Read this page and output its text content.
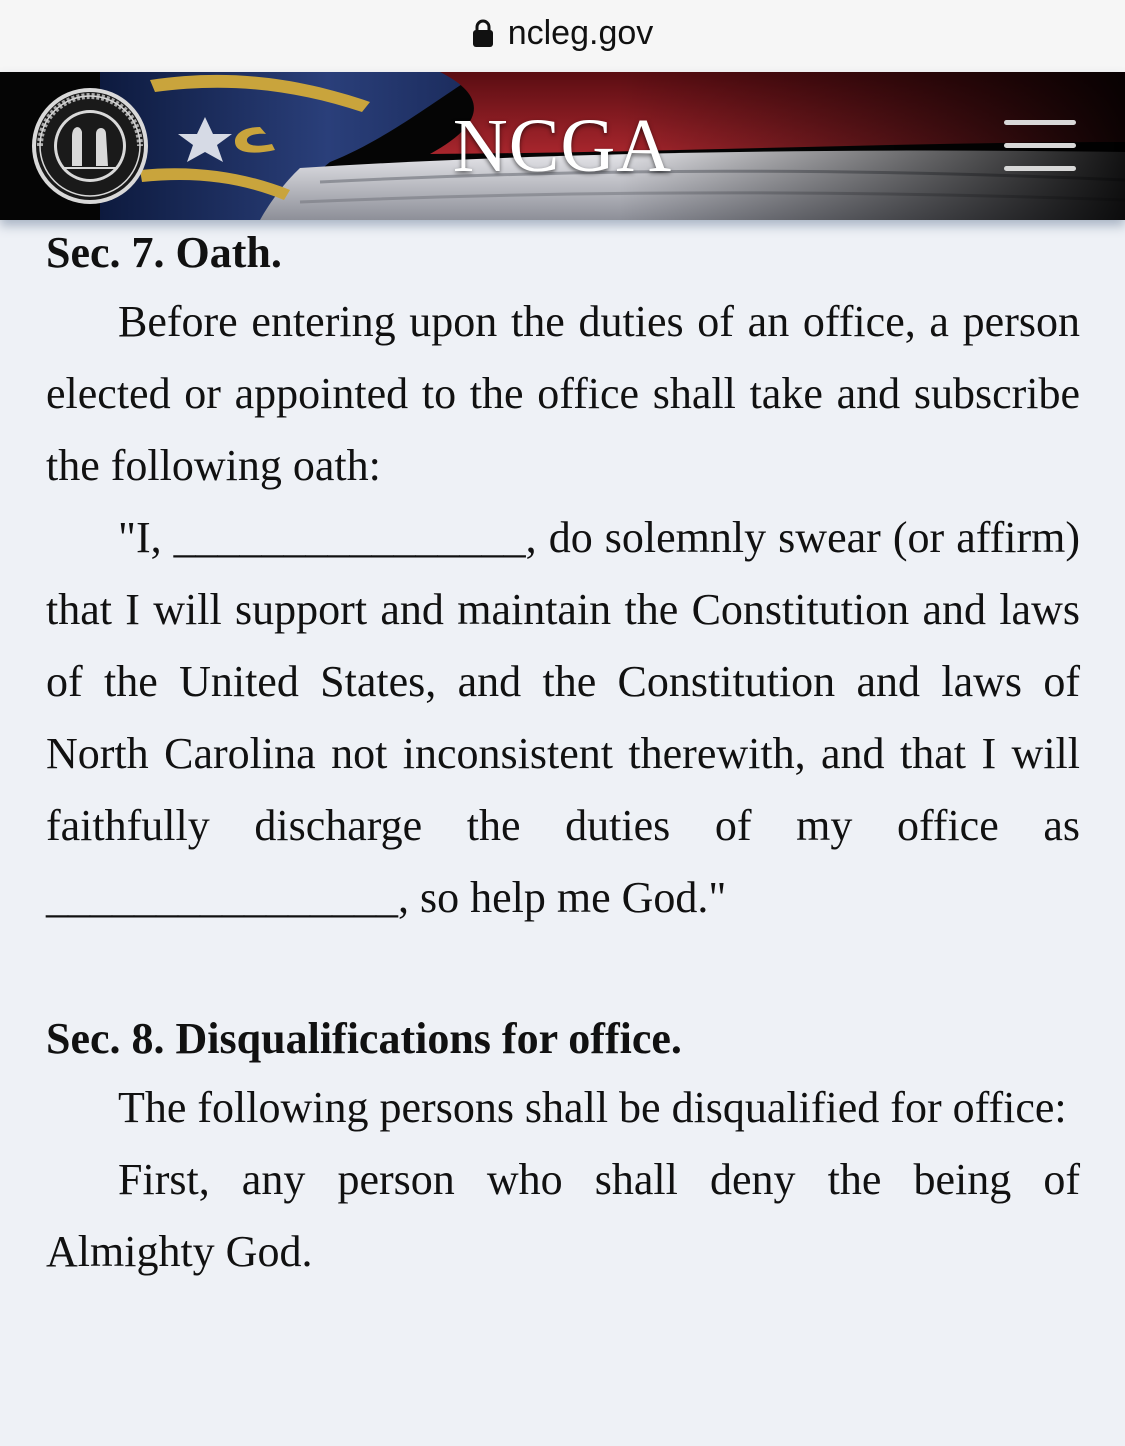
ncleg.gov
NCGA
Sec. 7. Oath.

Before entering upon the duties of an office, a person elected or appointed to the office shall take and subscribe the following oath:

"I, ________________, do solemnly swear (or affirm) that I will support and maintain the Constitution and laws of the United States, and the Constitution and laws of North Carolina not inconsistent therewith, and that I will faithfully discharge the duties of my office as ________________, so help me God."

Sec. 8. Disqualifications for office.

The following persons shall be disqualified for office:

First, any person who shall deny the being of Almighty God.
